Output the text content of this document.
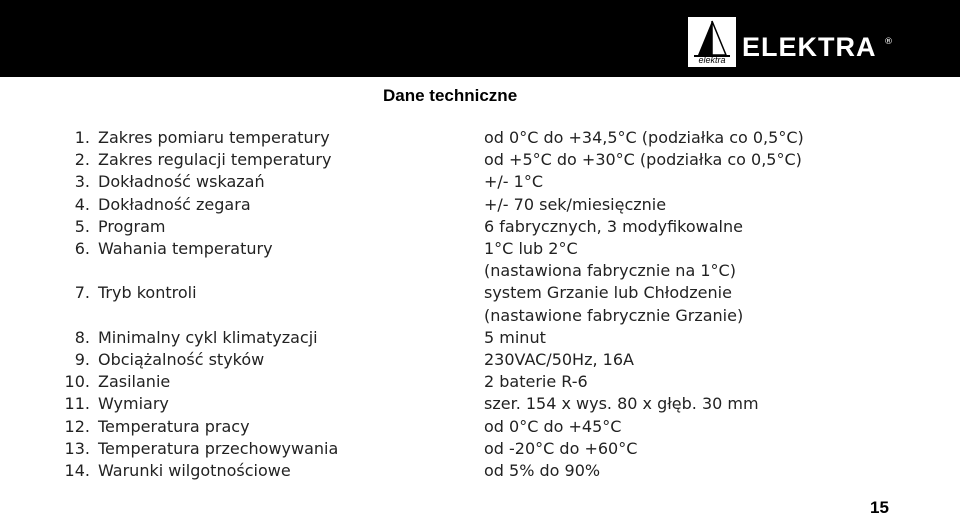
elektra ELEKTRA ®
Dane techniczne
1. Zakres pomiaru temperatury	od 0°C do +34,5°C (podziałka co 0,5°C)
2. Zakres regulacji temperatury	od +5°C do +30°C (podziałka co 0,5°C)
3. Dokładność wskazań	+/- 1°C
4. Dokładność zegara	+/- 70 sek/miesięcznie
5. Program	6 fabrycznych, 3 modyfikowalne
6. Wahania temperatury	1°C lub 2°C
(nastawiona fabrycznie na 1°C)
7. Tryb kontroli	system Grzanie lub Chłodzenie
(nastawione fabrycznie Grzanie)
8. Minimalny cykl klimatyzacji	5 minut
9. Obciążalność styków	230VAC/50Hz, 16A
10. Zasilanie	2 baterie R-6
11. Wymiary	szer. 154 x wys. 80 x głęb. 30 mm
12. Temperatura pracy	od 0°C do +45°C
13. Temperatura przechowywania	od -20°C do +60°C
14. Warunki wilgotnościowe	od 5% do 90%
15
